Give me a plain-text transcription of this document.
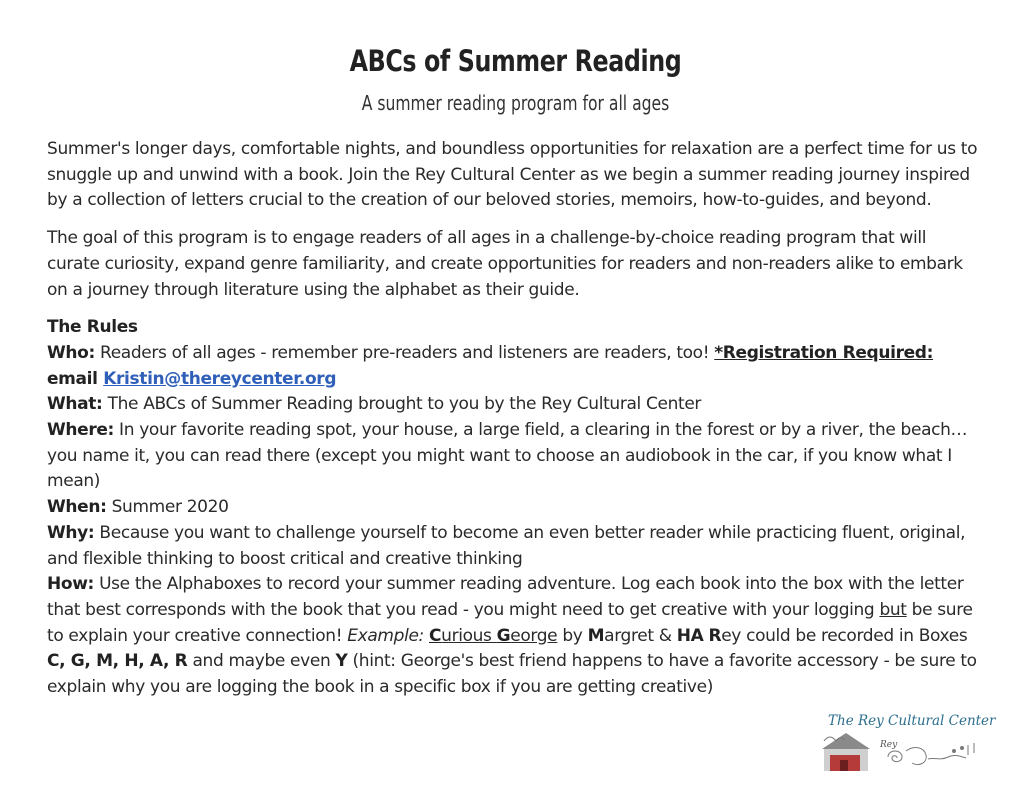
ABCs of Summer Reading
A summer reading program for all ages

Summer's longer days, comfortable nights, and boundless opportunities for relaxation are a perfect time for us to snuggle up and unwind with a book. Join the Rey Cultural Center as we begin a summer reading journey inspired by a collection of letters crucial to the creation of our beloved stories, memoirs, how-to-guides, and beyond.

The goal of this program is to engage readers of all ages in a challenge-by-choice reading program that will curate curiosity, expand genre familiarity, and create opportunities for readers and non-readers alike to embark on a journey through literature using the alphabet as their guide.

The Rules
Who: Readers of all ages - remember pre-readers and listeners are readers, too! *Registration Required: email Kristin@thereycenter.org
What: The ABCs of Summer Reading brought to you by the Rey Cultural Center
Where: In your favorite reading spot, your house, a large field, a clearing in the forest or by a river, the beach… you name it, you can read there (except you might want to choose an audiobook in the car, if you know what I mean)
When: Summer 2020
Why: Because you want to challenge yourself to become an even better reader while practicing fluent, original, and flexible thinking to boost critical and creative thinking
How: Use the Alphaboxes to record your summer reading adventure. Log each book into the box with the letter that best corresponds with the book that you read - you might need to get creative with your logging but be sure to explain your creative connection! Example: Curious George by Margret & HA Rey could be recorded in Boxes C, G, M, H, A, R and maybe even Y (hint: George's best friend happens to have a favorite accessory - be sure to explain why you are logging the book in a specific box if you are getting creative)
The Rey Cultural Center
Rey
